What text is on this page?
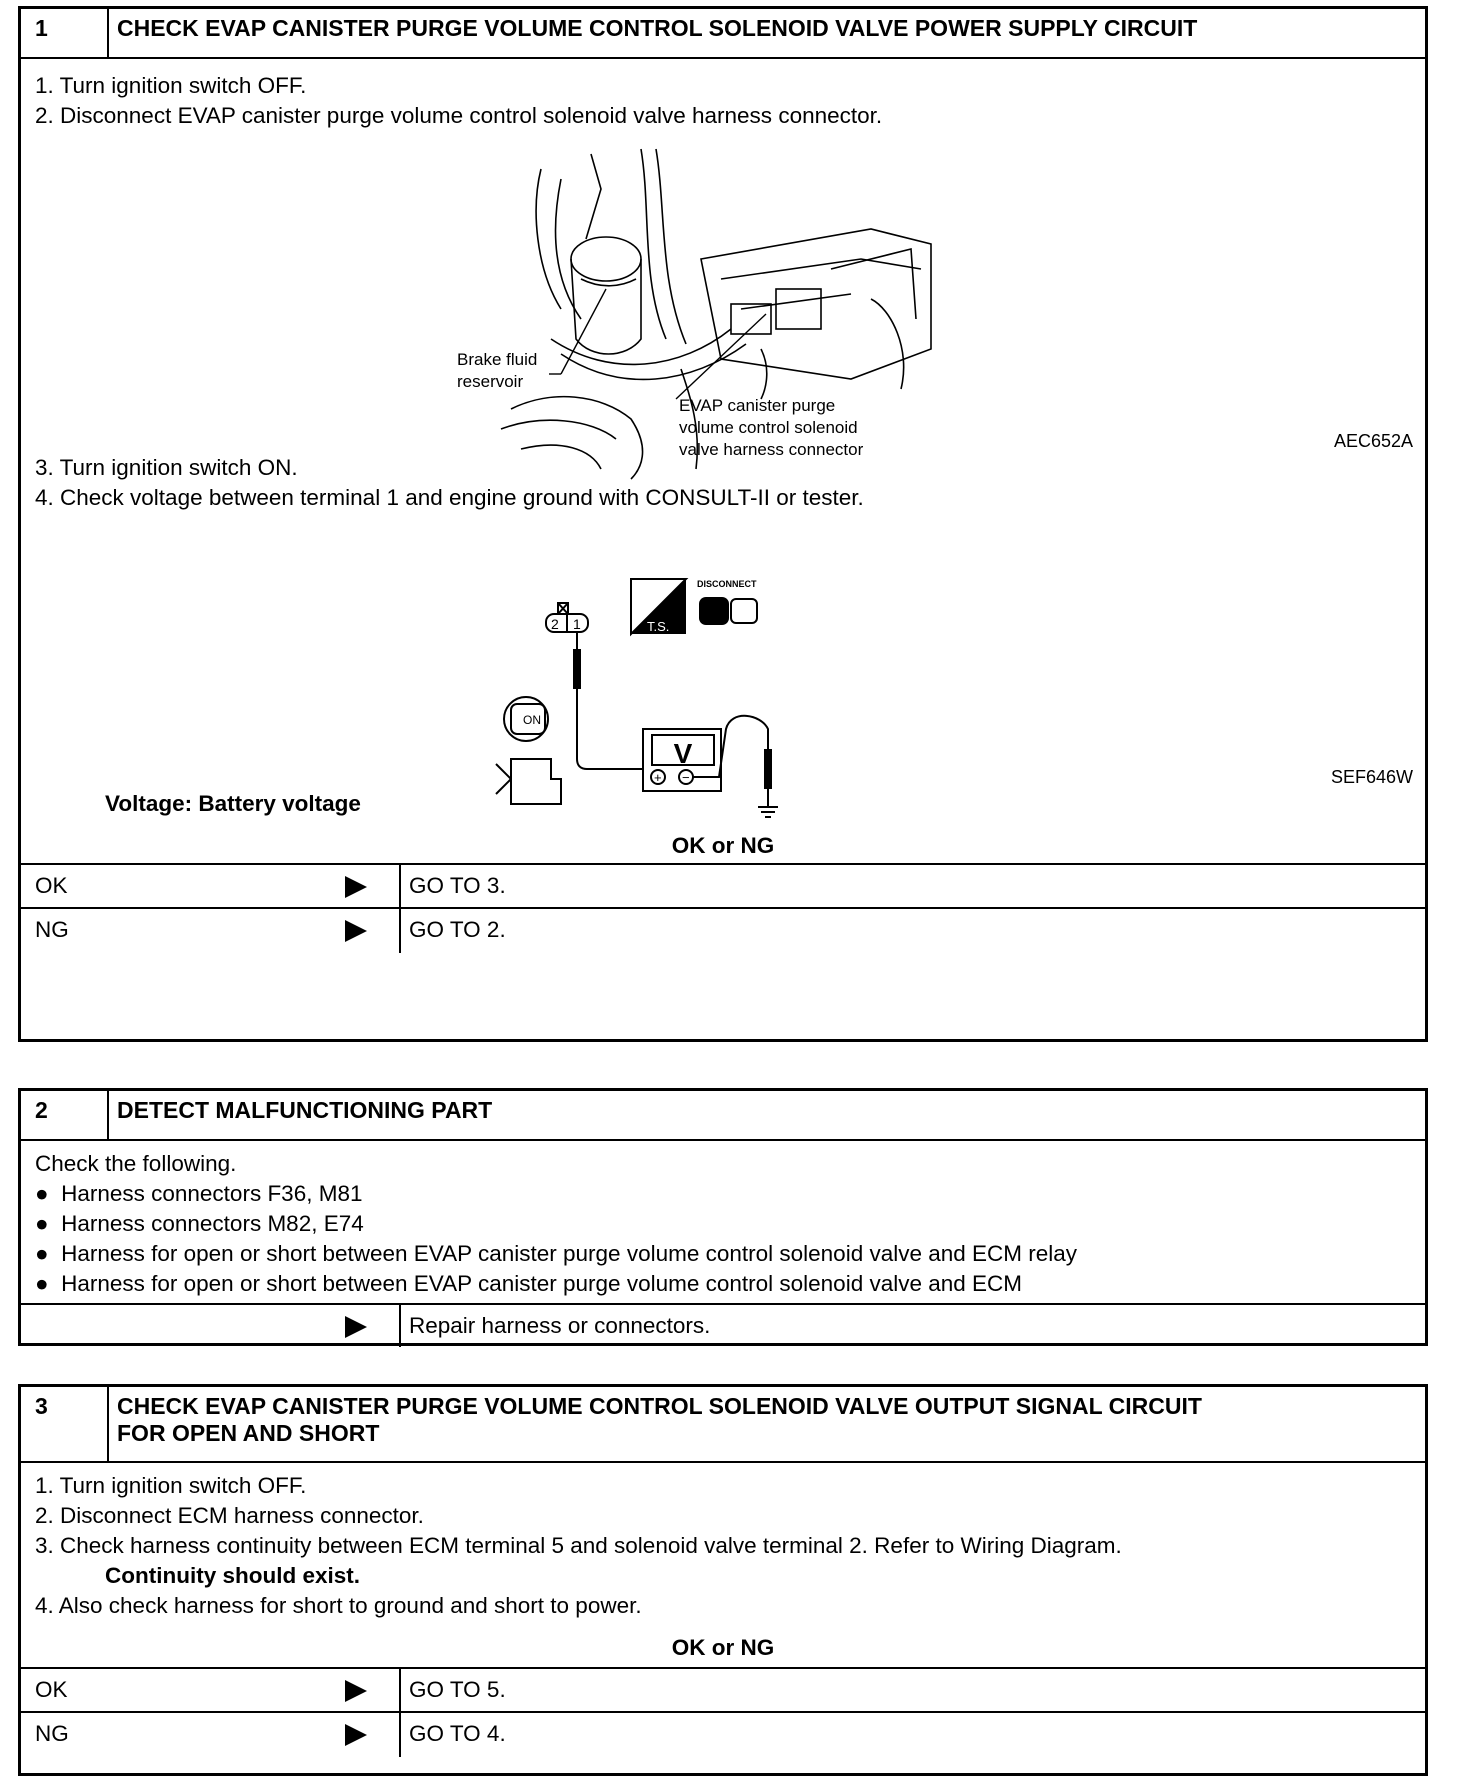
1	CHECK EVAP CANISTER PURGE VOLUME CONTROL SOLENOID VALVE POWER SUPPLY CIRCUIT
1. Turn ignition switch OFF.
2. Disconnect EVAP canister purge volume control solenoid valve harness connector.
Brake fluid
reservoir
EVAP canister purge
volume control solenoid
valve harness connector	AEC652A
3. Turn ignition switch ON.
4. Check voltage between terminal 1 and engine ground with CONSULT-II or tester.
2 1
V
+ −
ON
T.S.
DISCONNECT
SEF646W
Voltage: Battery voltage
OK or NG
OK	GO TO 3.
NG	GO TO 2.
2	DETECT MALFUNCTIONING PART
Check the following.
●  Harness connectors F36, M81
●  Harness connectors M82, E74
●  Harness for open or short between EVAP canister purge volume control solenoid valve and ECM relay
●  Harness for open or short between EVAP canister purge volume control solenoid valve and ECM
Repair harness or connectors.
3	CHECK EVAP CANISTER PURGE VOLUME CONTROL SOLENOID VALVE OUTPUT SIGNAL CIRCUIT
FOR OPEN AND SHORT
1. Turn ignition switch OFF.
2. Disconnect ECM harness connector.
3. Check harness continuity between ECM terminal 5 and solenoid valve terminal 2. Refer to Wiring Diagram.
Continuity should exist.
4. Also check harness for short to ground and short to power.
OK or NG
OK	GO TO 5.
NG	GO TO 4.
